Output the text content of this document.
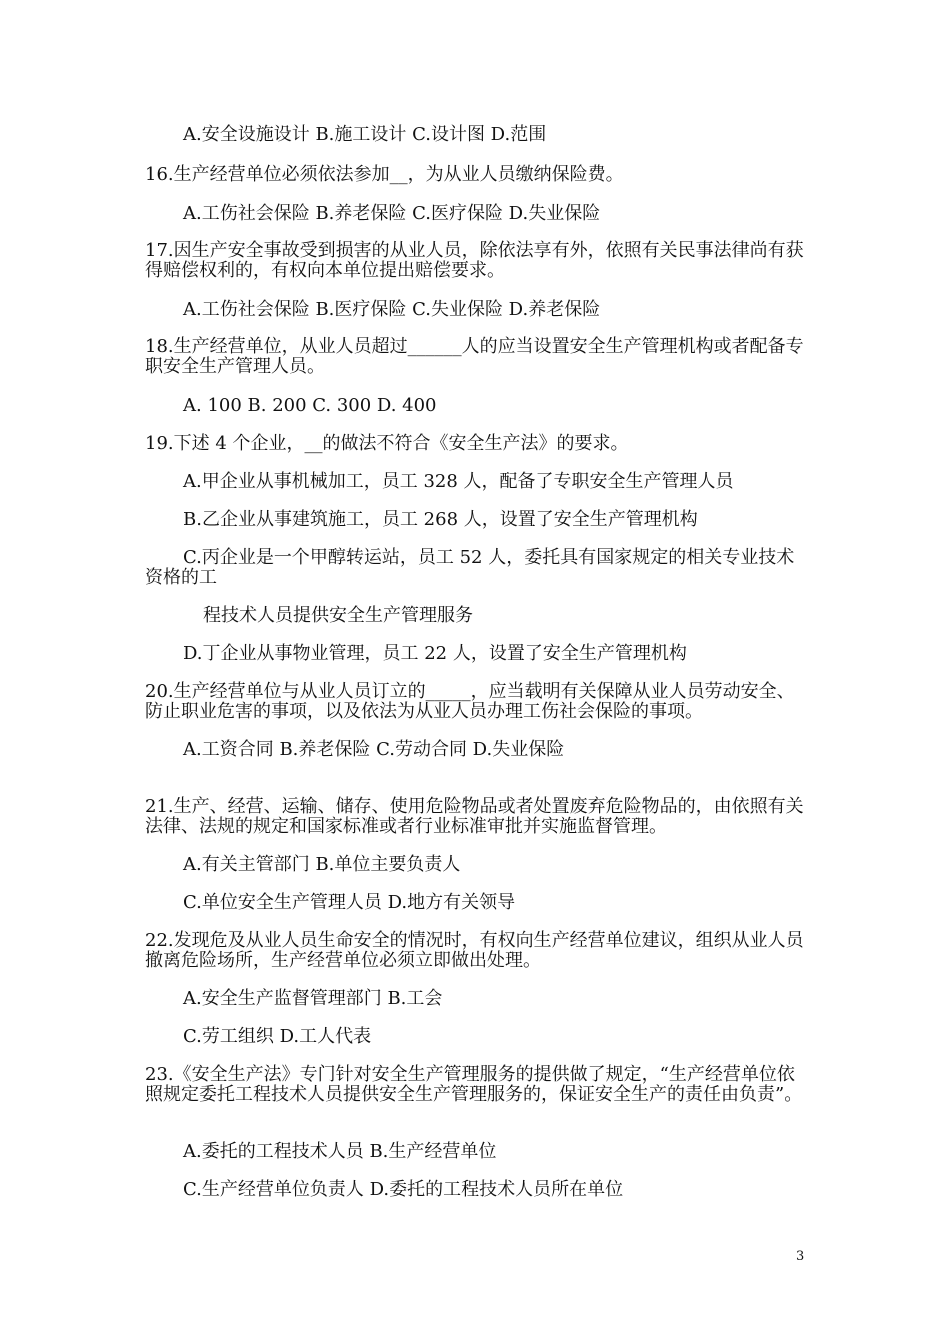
A.安全设施设计 B.施工设计 C.设计图 D.范围
16.生产经营单位必须依法参加__，为从业人员缴纳保险费。
A.工伤社会保险 B.养老保险 C.医疗保险 D.失业保险
17.因生产安全事故受到损害的从业人员，除依法享有外，依照有关民事法律尚有获得赔偿权利的，有权向本单位提出赔偿要求。
A.工伤社会保险 B.医疗保险 C.失业保险 D.养老保险
18.生产经营单位，从业人员超过______人的应当设置安全生产管理机构或者配备专职安全生产管理人员。
A. 100 B. 200 C. 300 D. 400
19.下述 4 个企业，__的做法不符合《安全生产法》的要求。
A.甲企业从事机械加工，员工 328 人，配备了专职安全生产管理人员
B.乙企业从事建筑施工，员工 268 人，设置了安全生产管理机构
C.丙企业是一个甲醇转运站，员工 52 人，委托具有国家规定的相关专业技术资格的工
程技术人员提供安全生产管理服务
D.丁企业从事物业管理，员工 22 人，设置了安全生产管理机构
20.生产经营单位与从业人员订立的_____，应当载明有关保障从业人员劳动安全、防止职业危害的事项，以及依法为从业人员办理工伤社会保险的事项。
A.工资合同 B.养老保险 C.劳动合同 D.失业保险
21.生产、经营、运输、储存、使用危险物品或者处置废弃危险物品的，由依照有关法律、法规的规定和国家标准或者行业标准审批并实施监督管理。
A.有关主管部门 B.单位主要负责人
C.单位安全生产管理人员 D.地方有关领导
22.发现危及从业人员生命安全的情况时，有权向生产经营单位建议，组织从业人员撤离危险场所，生产经营单位必须立即做出处理。
A.安全生产监督管理部门 B.工会
C.劳工组织 D.工人代表
23.《安全生产法》专门针对安全生产管理服务的提供做了规定，“生产经营单位依照规定委托工程技术人员提供安全生产管理服务的，保证安全生产的责任由负责”。
A.委托的工程技术人员 B.生产经营单位
C.生产经营单位负责人 D.委托的工程技术人员所在单位
3
